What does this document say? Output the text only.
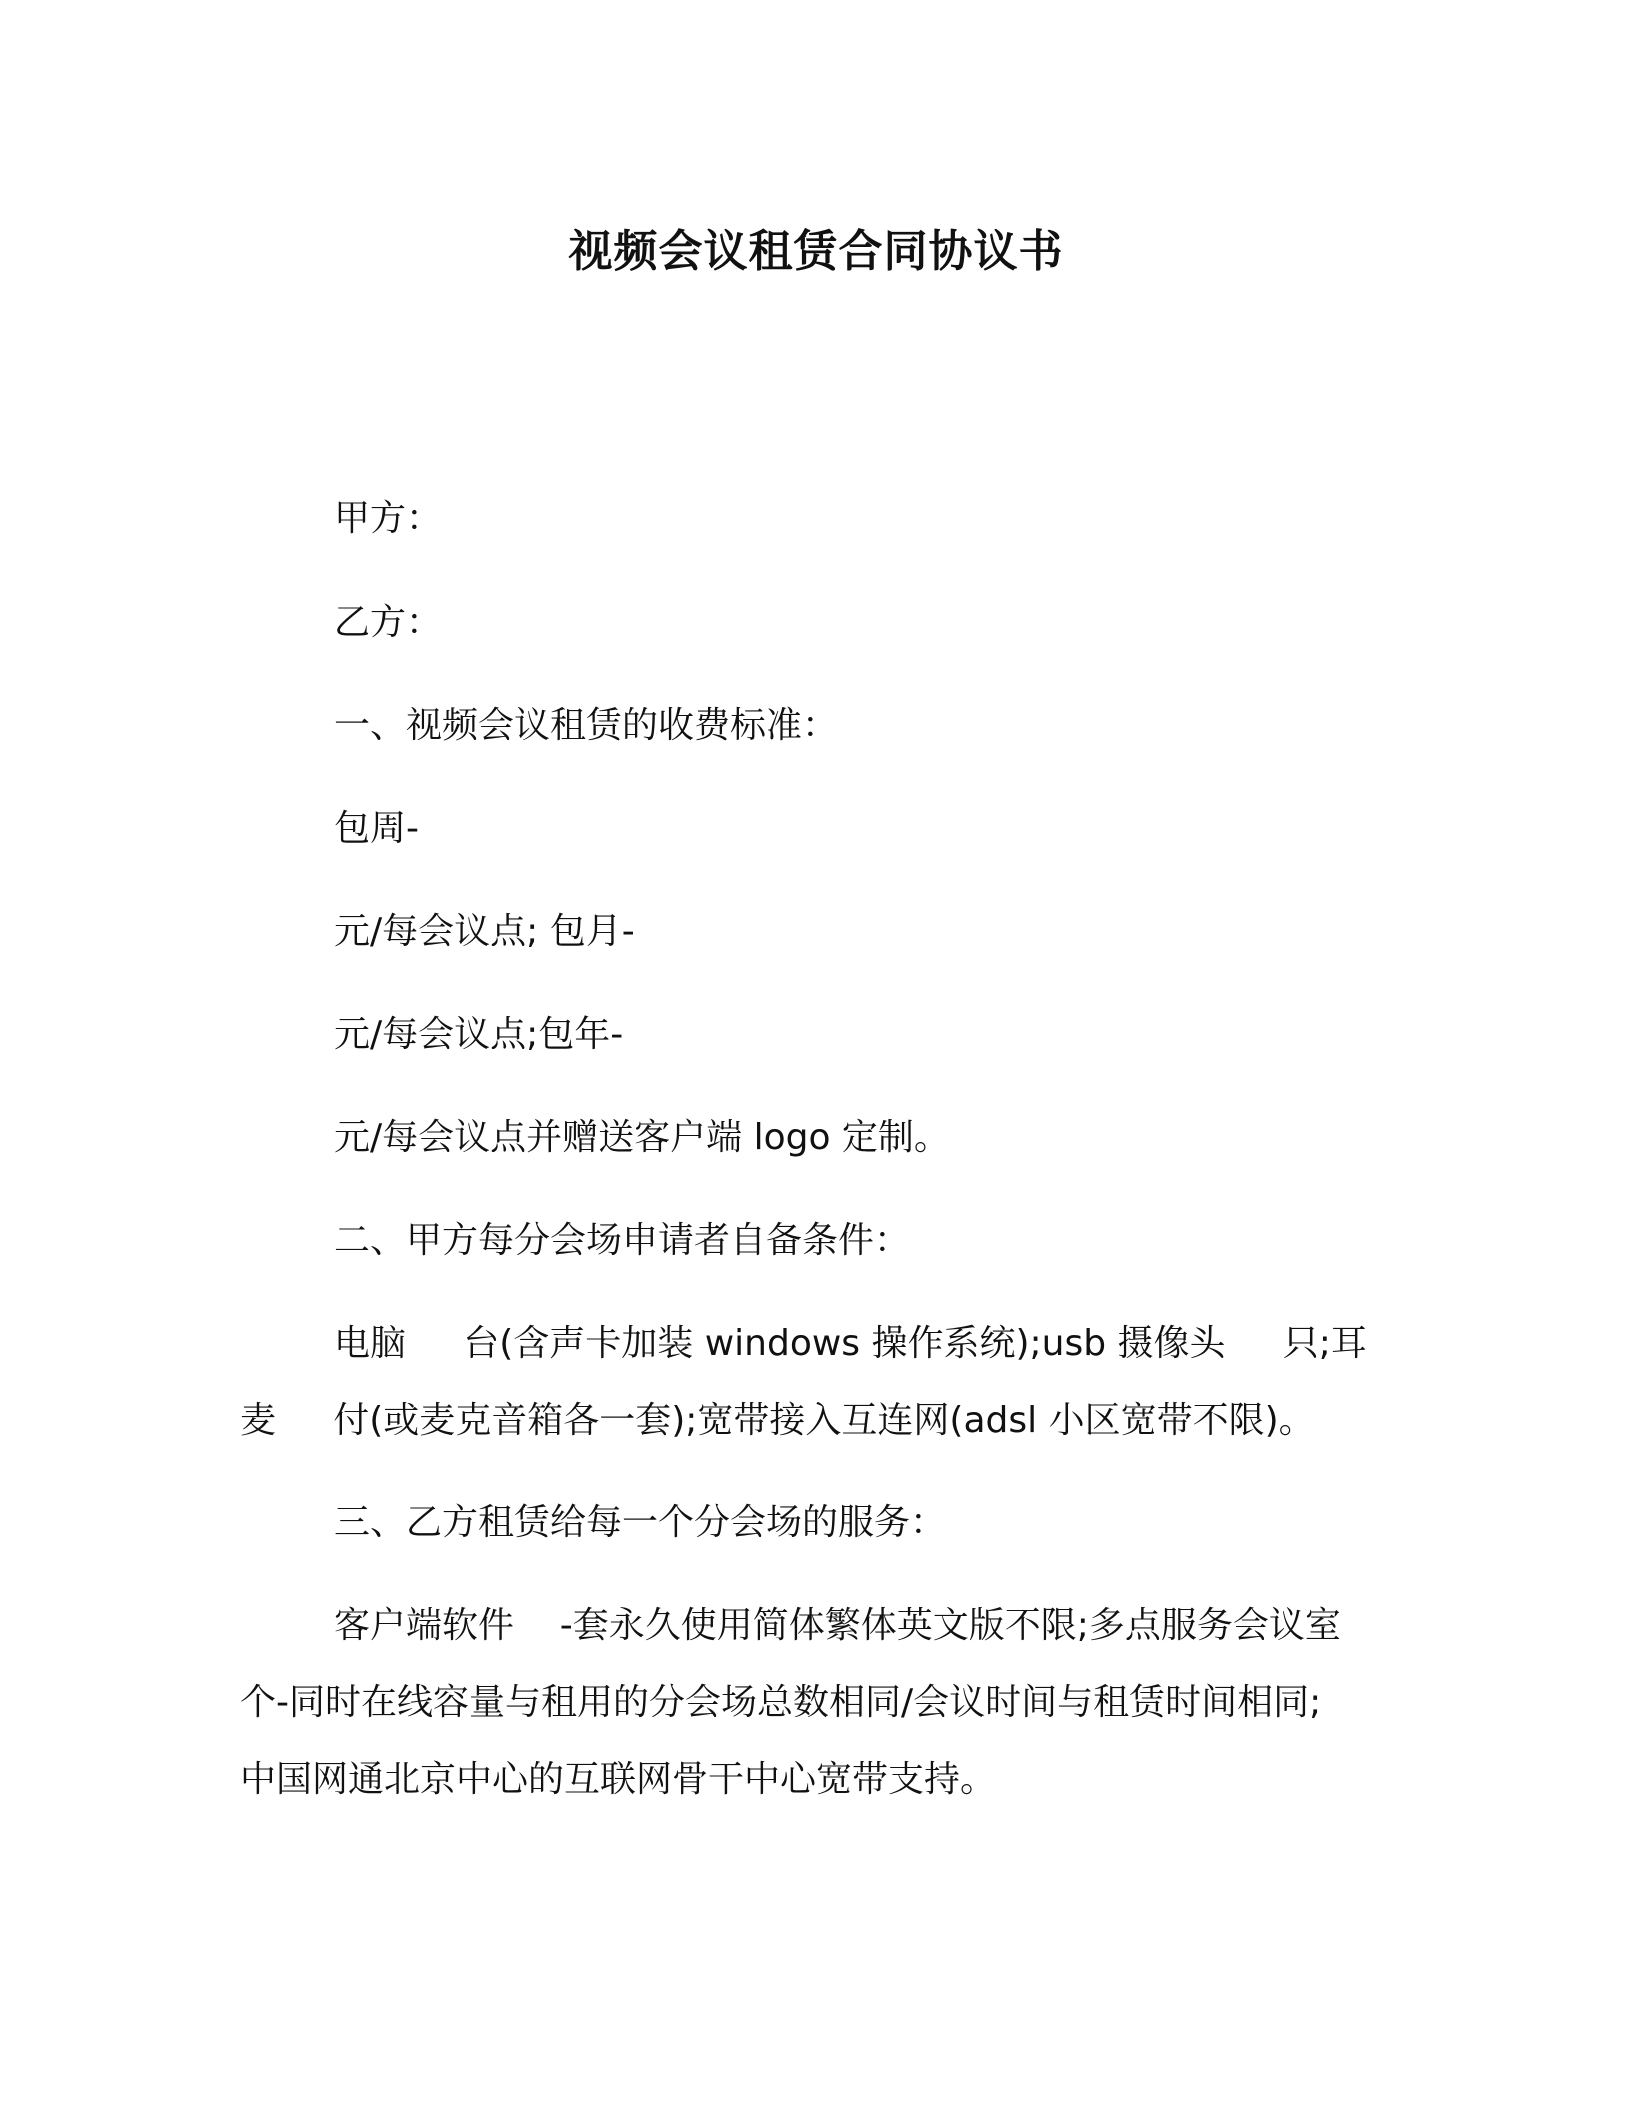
视频会议租赁合同协议书
甲方：
乙方：
一、视频会议租赁的收费标准：
包周-
元/每会议点; 包月-
元/每会议点;包年-
元/每会议点并赠送客户端 logo 定制。
二、甲方每分会场申请者自备条件：
电脑     台(含声卡加装 windows 操作系统);usb 摄像头     只;耳
麦     付(或麦克音箱各一套);宽带接入互连网(adsl 小区宽带不限)。
三、乙方租赁给每一个分会场的服务：
客户端软件    -套永久使用简体繁体英文版不限;多点服务会议室
个-同时在线容量与租用的分会场总数相同/会议时间与租赁时间相同;
中国网通北京中心的互联网骨干中心宽带支持。
